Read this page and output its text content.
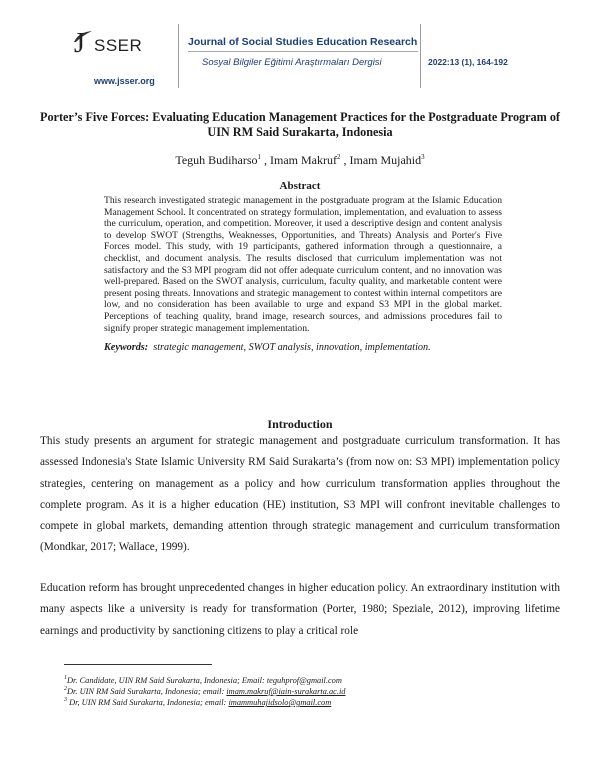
J SSER
www.jsser.org
Journal of Social Studies Education Research
Sosyal Bilgiler Eğitimi Araştırmaları Dergisi	2022:13 (1), 164-192
Porter’s Five Forces: Evaluating Education Management Practices for the Postgraduate Program of UIN RM Said Surakarta, Indonesia
Teguh Budiharso$^1$ , Imam Makruf$^2$ , Imam Mujahid$^3$
Abstract
This research investigated strategic management in the postgraduate program at the Islamic Education Management School. It concentrated on strategy formulation, implementation, and evaluation to assess the curriculum, operation, and competition. Moreover, it used a descriptive design and content analysis to develop SWOT (Strengths, Weaknesses, Opportunities, and Threats) Analysis and Porter's Five Forces model. This study, with 19 participants, gathered information through a questionnaire, a checklist, and document analysis. The results disclosed that curriculum implementation was not satisfactory and the S3 MPI program did not offer adequate curriculum content, and no innovation was well-prepared. Based on the SWOT analysis, curriculum, faculty quality, and marketable content were present posing threats. Innovations and strategic management to contest within internal competitors are low, and no consideration has been available to urge and expand S3 MPI in the global market. Perceptions of teaching quality, brand image, research sources, and admissions procedures fail to signify proper strategic management implementation.
Keywords: strategic management, SWOT analysis, innovation, implementation.
Introduction
This study presents an argument for strategic management and postgraduate curriculum transformation. It has assessed Indonesia's State Islamic University RM Said Surakarta’s (from now on: S3 MPI) implementation policy strategies, centering on management as a policy and how curriculum transformation applies throughout the complete program. As it is a higher education (HE) institution, S3 MPI will confront inevitable challenges to compete in global markets, demanding attention through strategic management and curriculum transformation (Mondkar, 2017; Wallace, 1999).
Education reform has brought unprecedented changes in higher education policy. An extraordinary institution with many aspects like a university is ready for transformation (Porter, 1980; Speziale, 2012), improving lifetime earnings and productivity by sanctioning citizens to play a critical role
$^1$Dr. Candidate, UIN RM Said Surakarta, Indonesia; Email: teguhprof@gmail.com
$^2$Dr. UIN RM Said Surakarta, Indonesia; email: imam.makruf@iain-surakarta.ac.id
$^3$ Dr, UIN RM Said Surakarta, Indonesia; email: imammuhajidsolo@gmail.com
